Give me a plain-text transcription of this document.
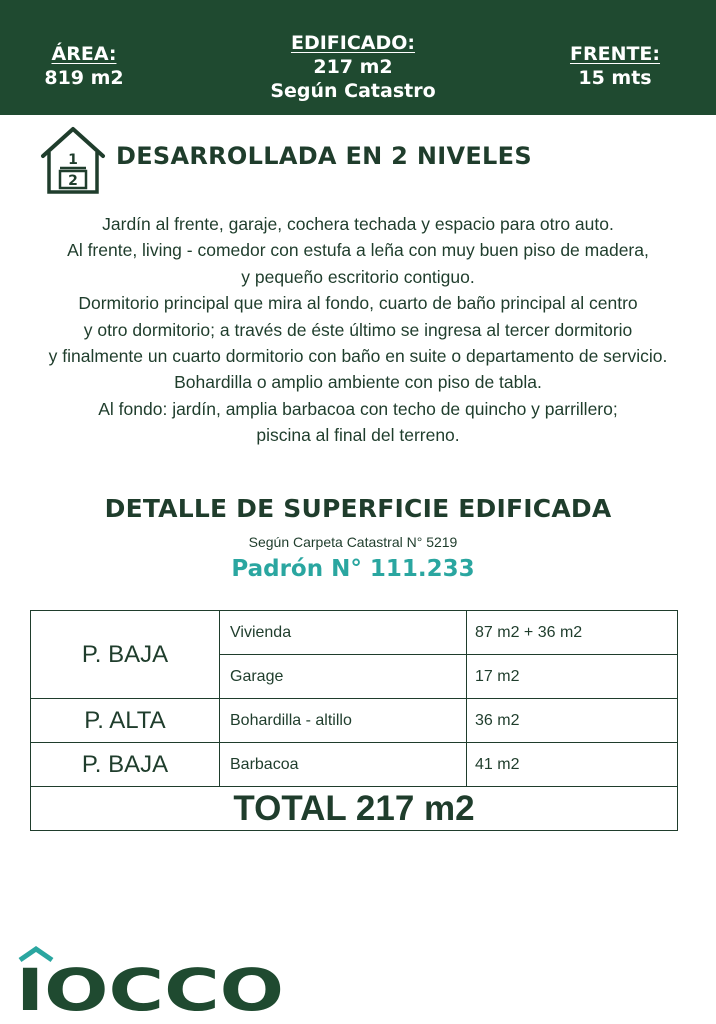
ÁREA:
819 m2
EDIFICADO:
217 m2
Según Catastro
FRENTE:
15 mts
1
2
DESARROLLADA EN 2 NIVELES
Jardín al frente, garaje, cochera techada y espacio para otro auto.
Al frente, living - comedor con estufa a leña con muy buen piso de madera,
y pequeño escritorio contiguo.
Dormitorio principal que mira al fondo, cuarto de baño principal al centro
y otro dormitorio; a través de éste último se ingresa al tercer dormitorio
y finalmente un cuarto dormitorio con baño en suite o departamento de servicio.
Bohardilla o amplio ambiente con piso de tabla.
Al fondo: jardín, amplia barbacoa con techo de quincho y parrillero;
piscina al final del terreno.
DETALLE DE SUPERFICIE EDIFICADA
Según Carpeta Catastral N° 5219
Padrón N° 111.233
P. BAJA	Vivienda	87 m2 + 36 m2
	Garage	17 m2
P. ALTA	Bohardilla - altillo	36 m2
P. BAJA	Barbacoa	41 m2
TOTAL 217 m2		
IOCCO
